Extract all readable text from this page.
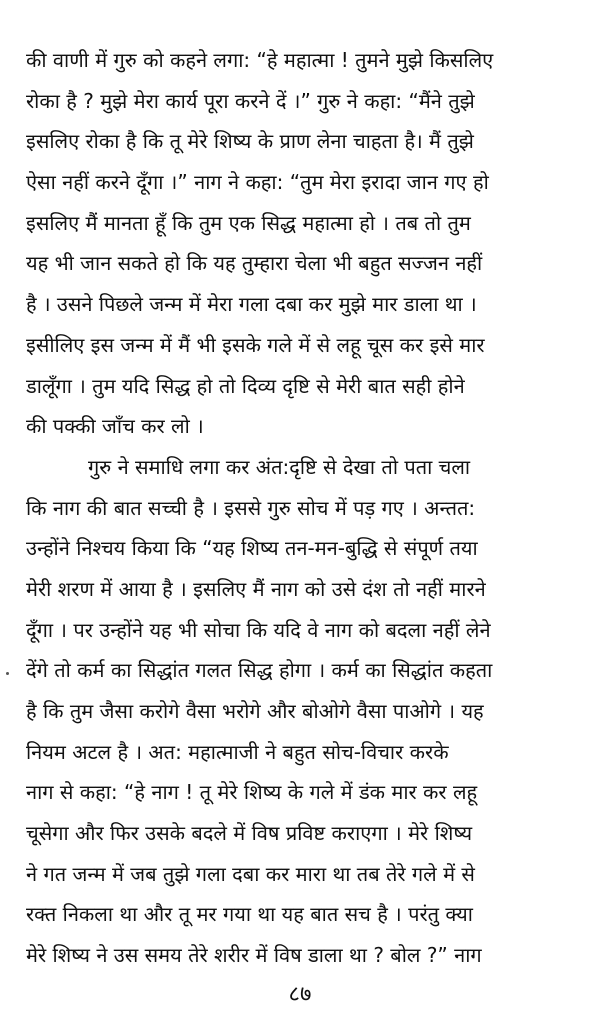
की वाणी में गुरु को कहने लगा: “हे महात्मा ! तुमने मुझे किसलिए
रोका है ? मुझे मेरा कार्य पूरा करने दें ।” गुरु ने कहा: “मैंने तुझे
इसलिए रोका है कि तू मेरे शिष्य के प्राण लेना चाहता है। मैं तुझे
ऐसा नहीं करने दूँगा ।” नाग ने कहा: “तुम मेरा इरादा जान गए हो
इसलिए मैं मानता हूँ कि तुम एक सिद्ध महात्मा हो । तब तो तुम
यह भी जान सकते हो कि यह तुम्हारा चेला भी बहुत सज्जन नहीं
है । उसने पिछले जन्म में मेरा गला दबा कर मुझे मार डाला था ।
इसीलिए इस जन्म में मैं भी इसके गले में से लहू चूस कर इसे मार
डालूँगा । तुम यदि सिद्ध हो तो दिव्य दृष्टि से मेरी बात सही होने
की पक्की जाँच कर लो ।
गुरु ने समाधि लगा कर अंत:दृष्टि से देखा तो पता चला
कि नाग की बात सच्ची है । इससे गुरु सोच में पड़ गए । अन्तत:
उन्होंने निश्चय किया कि “यह शिष्य तन-मन-बुद्धि से संपूर्ण तया
मेरी शरण में आया है । इसलिए मैं नाग को उसे दंश तो नहीं मारने
दूँगा । पर उन्होंने यह भी सोचा कि यदि वे नाग को बदला नहीं लेने
देंगे तो कर्म का सिद्धांत गलत सिद्ध होगा । कर्म का सिद्धांत कहता
है कि तुम जैसा करोगे वैसा भरोगे और बोओगे वैसा पाओगे । यह
नियम अटल है । अत: महात्माजी ने बहुत सोच-विचार करके
नाग से कहा: “हे नाग ! तू मेरे शिष्य के गले में डंक मार कर लहू
चूसेगा और फिर उसके बदले में विष प्रविष्ट कराएगा । मेरे शिष्य
ने गत जन्म में जब तुझे गला दबा कर मारा था तब तेरे गले में से
रक्त निकला था और तू मर गया था यह बात सच है । परंतु क्या
मेरे शिष्य ने उस समय तेरे शरीर में विष डाला था ? बोल ?” नाग
८७
